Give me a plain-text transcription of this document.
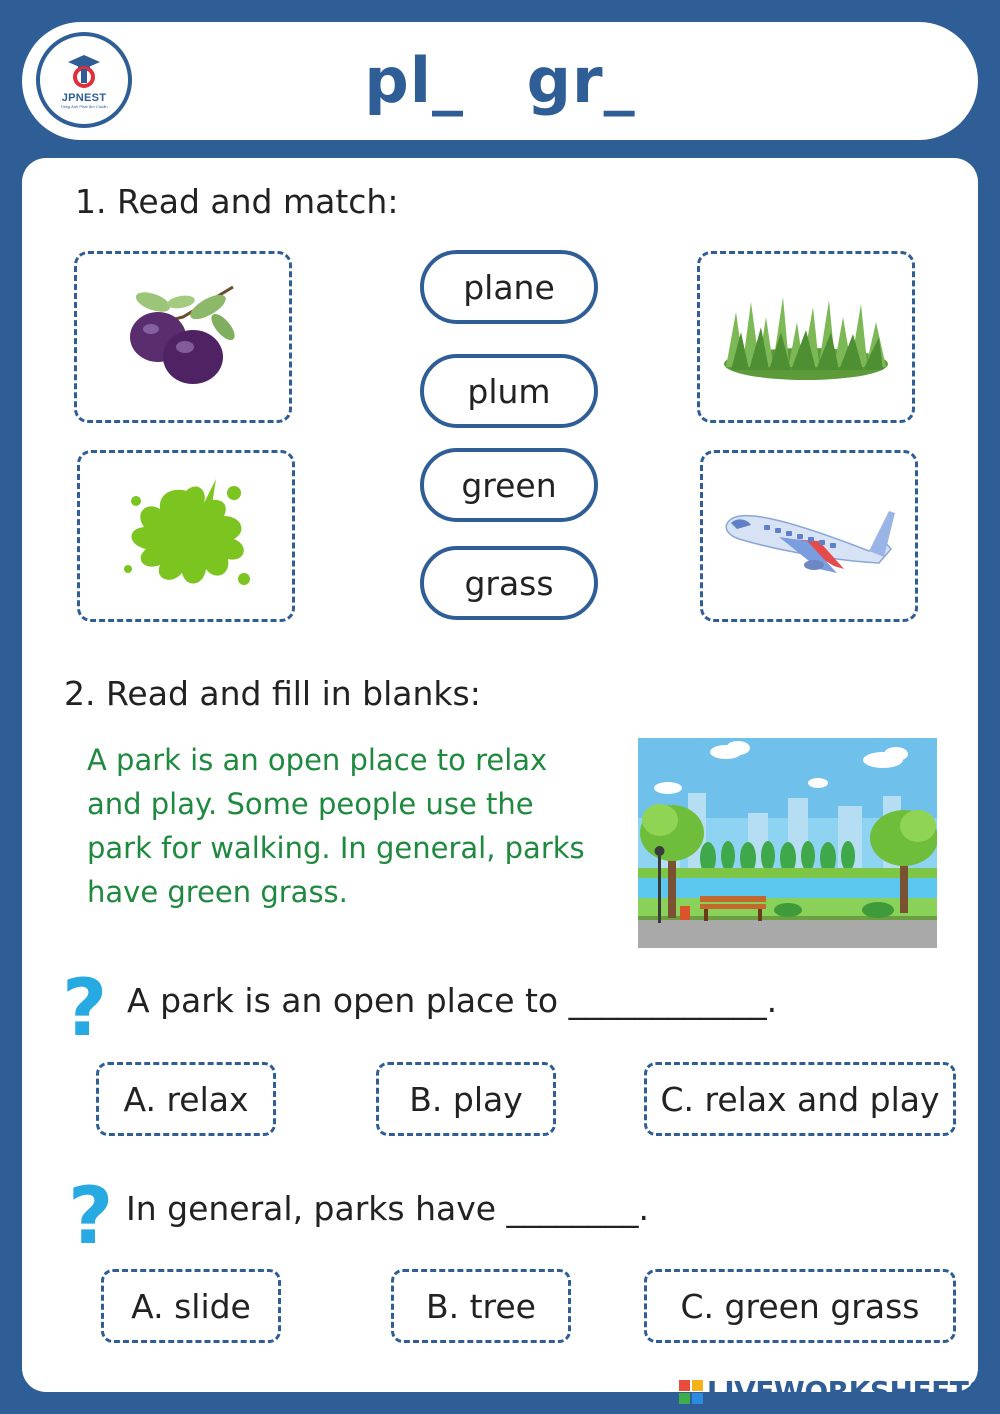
JPNEST
Tiếng Anh Phát Âm Chuẩn	pl_ gr_
1. Read and match:
plane
plum
green
grass
2. Read and fill in blanks:
A park is an open place to relax
and play. Some people use the
park for walking. In general, parks
have green grass.
? A park is an open place to ____________.
A. relax	B. play	C. relax and play
? In general, parks have ________.
A. slide	B. tree	C. green grass
LIVEWORKSHEETS
